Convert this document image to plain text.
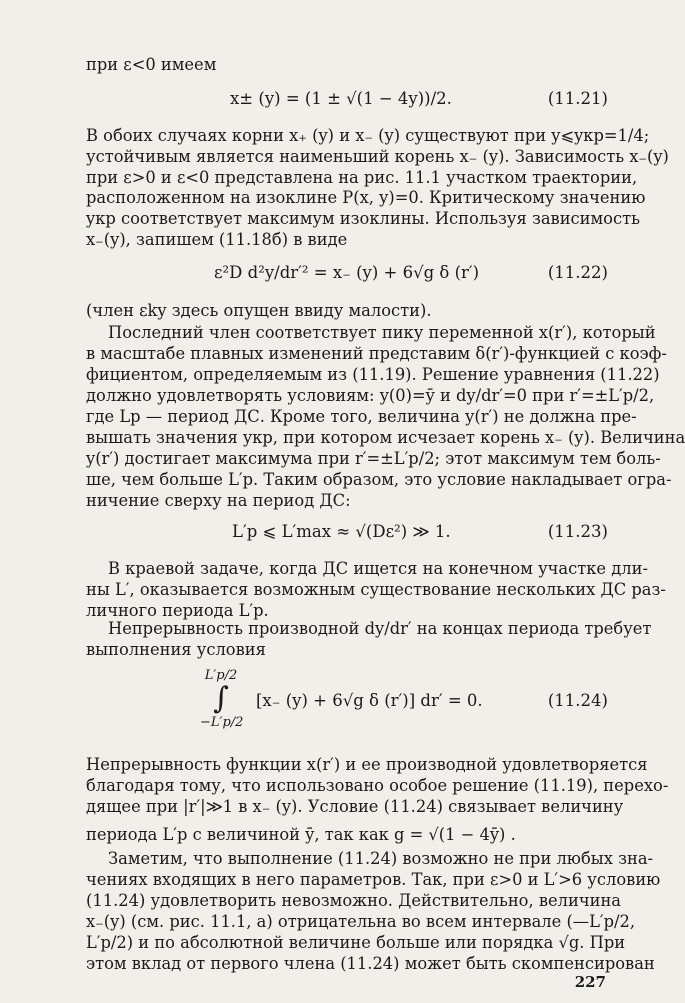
при ε<0 имеем
x± (y) = (1 ± √(1 − 4y))/2.	(11.21)
В обоих случаях корни x₊ (y) и x₋ (y) существуют при y⩽yкр=1/4;
устойчивым является наименьший корень x₋ (y). Зависимость x₋(y)
при ε>0 и ε<0 представлена на рис. 11.1 участком траектории,
расположенном на изоклине P(x, y)=0. Критическому значению
yкр соответствует максимум изоклины. Используя зависимость
x₋(y), запишем (11.18б) в виде
ε²D d²y/dr′² = x₋ (y) + 6√g δ (r′)	(11.22)
(член εky здесь опущен ввиду малости).
Последний член соответствует пику переменной x(r′), который
в масштабе плавных изменений представим δ(r′)-функцией с коэф-
фициентом, определяемым из (11.19). Решение уравнения (11.22)
должно удовлетворять условиям: y(0)=ȳ и dy/dr′=0 при r′=±L′p/2,
где Lp — период ДС. Кроме того, величина y(r′) не должна пре-
вышать значения yкр, при котором исчезает корень x₋ (y). Величина
y(r′) достигает максимума при r′=±L′p/2; этот максимум тем боль-
ше, чем больше L′p. Таким образом, это условие накладывает огра-
ничение сверху на период ДС:
L′p ⩽ L′max ≈ √(Dε²) ≫ 1.	(11.23)
В краевой задаче, когда ДС ищется на конечном участке дли-
ны L′, оказывается возможным существование нескольких ДС раз-
личного периода L′p.
Непрерывность производной dy/dr′ на концах периода требует
выполнения условия
L′p/2
∫
−L′p/2
[x₋ (y) + 6√g δ (r′)] dr′ = 0.	(11.24)
Непрерывность функции x(r′) и ее производной удовлетворяется
благодаря тому, что использовано особое решение (11.19), перехо-
дящее при |r′|≫1 в x₋ (y). Условие (11.24) связывает величину
периода L′p с величиной ȳ, так как g = √(1 − 4ȳ) .
Заметим, что выполнение (11.24) возможно не при любых зна-
чениях входящих в него параметров. Так, при ε>0 и L′>6 условию
(11.24) удовлетворить невозможно. Действительно, величина
x₋(y) (см. рис. 11.1, a) отрицательна во всем интервале (—L′p/2,
L′p/2) и по абсолютной величине больше или порядка √g. При
этом вклад от первого члена (11.24) может быть скомпенсирован
227
